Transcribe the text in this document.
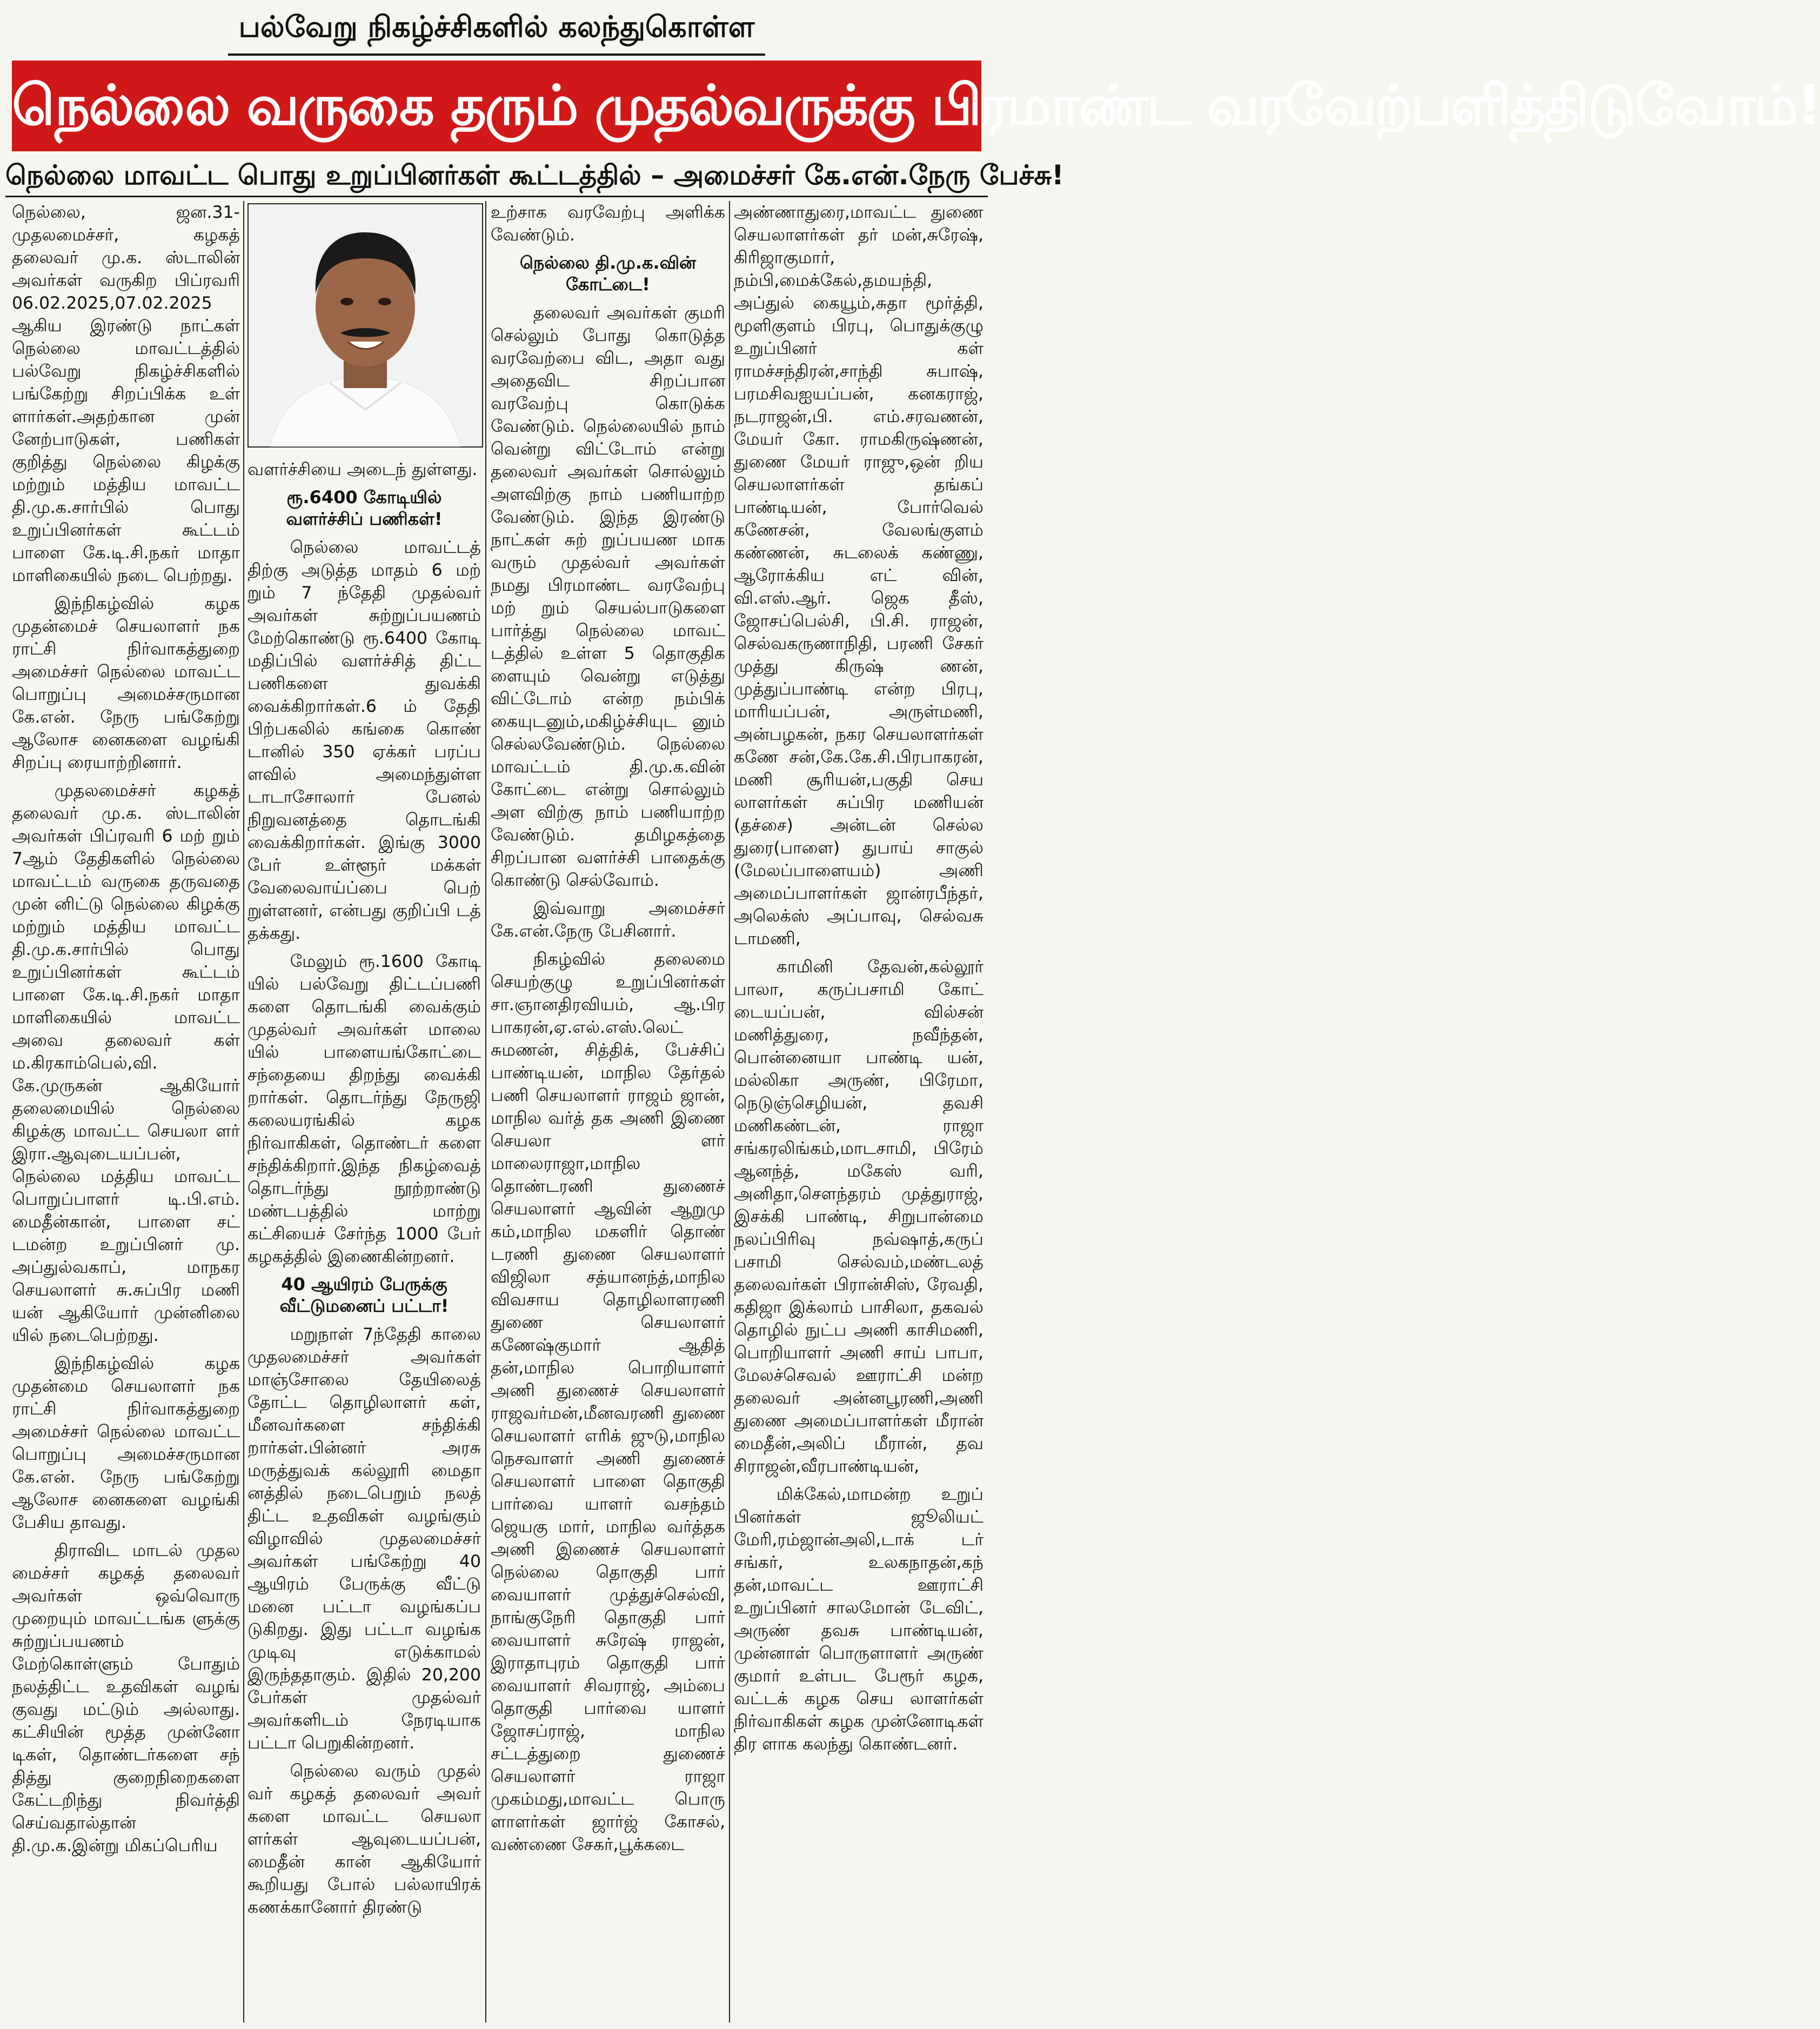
பல்வேறு நிகழ்ச்சிகளில் கலந்துகொள்ள
நெல்லை வருகை தரும் முதல்வருக்கு பிரமாண்ட வரவேற்பளித்திடுவோம்!
நெல்லை மாவட்ட பொது உறுப்பினர்கள் கூட்டத்தில் – அமைச்சர் கே.என்.நேரு பேச்சு!

நெல்லை, ஜன.31- முதலமைச்சர், கழகத் தலைவர் மு.க. ஸ்டாலின் அவர்கள் வருகிற பிப்ரவரி 06.02.2025,07.02.2025 ஆகிய இரண்டு நாட்கள் நெல்லை மாவட்டத்தில் பல்வேறு நிகழ்ச்சிகளில் பங்கேற்று சிறப்பிக்க உள் ளார்கள்.அதற்கான முன் னேற்பாடுகள், பணிகள் குறித்து நெல்லை கிழக்கு மற்றும் மத்திய மாவட்ட தி.மு.க.சார்பில் பொது உறுப்பினர்கள் கூட்டம் பாளை கே.டி.சி.நகர் மாதா மாளிகையில் நடை பெற்றது.

இந்நிகழ்வில் கழக முதன்மைச் செயலாளர் நக ராட்சி நிர்வாகத்துறை அமைச்சர் நெல்லை மாவட்ட பொறுப்பு அமைச்சருமான கே.என். நேரு பங்கேற்று ஆலோச னைகளை வழங்கி சிறப்பு ரையாற்றினார்.

முதலமைச்சர் கழகத் தலைவர் மு.க. ஸ்டாலின் அவர்கள் பிப்ரவரி 6 மற் றும் 7ஆம் தேதிகளில் நெல்லை மாவட்டம் வருகை தருவதை முன் னிட்டு நெல்லை கிழக்கு மற்றும் மத்திய மாவட்ட தி.மு.க.சார்பில் பொது உறுப்பினர்கள் கூட்டம் பாளை கே.டி.சி.நகர் மாதா மாளிகையில் மாவட்ட அவை தலைவர் கள் ம.கிரகாம்பெல்,வி. கே.முருகன் ஆகியோர் தலைமையில் நெல்லை கிழக்கு மாவட்ட செயலா ளர் இரா.ஆவுடையப்பன், நெல்லை மத்திய மாவட்ட பொறுப்பாளர் டி.பி.எம். மைதீன்கான், பாளை சட் டமன்ற உறுப்பினர் மு. அப்துல்வகாப், மாநகர செயலாளர் சு.சுப்பிர மணி யன் ஆகியோர் முன்னிலை யில் நடைபெற்றது.

இந்நிகழ்வில் கழக முதன்மை செயலாளர் நக ராட்சி நிர்வாகத்துறை அமைச்சர் நெல்லை மாவட்ட பொறுப்பு அமைச்சருமான கே.என். நேரு பங்கேற்று ஆலோச னைகளை வழங்கி பேசிய தாவது.

திராவிட மாடல் முதல மைச்சர் கழகத் தலைவர் அவர்கள் ஒவ்வொரு முறையும் மாவட்டங்க ளுக்கு சுற்றுப்பயணம் மேற்கொள்ளும் போதும் நலத்திட்ட உதவிகள் வழங் குவது மட்டும் அல்லாது. கட்சியின் மூத்த முன்னோ டிகள், தொண்டர்களை சந் தித்து குறைநிறைகளை கேட்டறிந்து நிவர்த்தி செய்வதால்தான் தி.மு.க.இன்று மிகப்பெரிய

வளர்ச்சியை அடைந் துள்ளது.

ரூ.6400 கோடியில் வளர்ச்சிப் பணிகள்!

நெல்லை மாவட்டத் திற்கு அடுத்த மாதம் 6 மற் றும் 7 ந்தேதி முதல்வர் அவர்கள் சுற்றுப்பயணம் மேற்கொண்டு ரூ.6400 கோடி மதிப்பில் வளர்ச்சித் திட்ட பணிகளை துவக்கி வைக்கிறார்கள்.6 ம் தேதி பிற்பகலில் கங்கை கொண் டானில் 350 ஏக்கர் பரப்ப ளவில் அமைந்துள்ள டாடாசோலார் பேனல் நிறுவனத்தை தொடங்கி வைக்கிறார்கள். இங்கு 3000 பேர் உள்ளூர் மக்கள் வேலைவாய்ப்பை பெற் றுள்ளனர், என்பது குறிப்பி டத் தக்கது.

மேலும் ரூ.1600 கோடி யில் பல்வேறு திட்டப்பணி களை தொடங்கி வைக்கும் முதல்வர் அவர்கள் மாலை யில் பாளையங்கோட்டை சந்தையை திறந்து வைக்கி றார்கள். தொடர்ந்து நேருஜி கலையரங்கில் கழக நிர்வாகிகள், தொண்டர் களை சந்திக்கிறார்.இந்த நிகழ்வைத் தொடர்ந்து நூற்றாண்டு மண்டபத்தில் மாற்று கட்சியைச் சேர்ந்த 1000 பேர் கழகத்தில் இணைகின்றனர்.

40 ஆயிரம் பேருக்கு வீட்டுமனைப் பட்டா!

மறுநாள் 7ந்தேதி காலை முதலமைச்சர் அவர்கள் மாஞ்சோலை தேயிலைத் தோட்ட தொழிலாளர் கள், மீனவர்களை சந்திக்கி றார்கள்.பின்னர் அரசு மருத்துவக் கல்லூரி மைதா னத்தில் நடைபெறும் நலத் திட்ட உதவிகள் வழங்கும் விழாவில் முதலமைச்சர் அவர்கள் பங்கேற்று 40 ஆயிரம் பேருக்கு வீட்டு மனை பட்டா வழங்கப்ப டுகிறது. இது பட்டா வழங்க முடிவு எடுக்காமல் இருந்ததாகும். இதில் 20,200 பேர்கள் முதல்வர் அவர்களிடம் நேரடியாக பட்டா பெறுகின்றனர்.

நெல்லை வரும் முதல் வர் கழகத் தலைவர் அவர் களை மாவட்ட செயலா ளர்கள் ஆவுடையப்பன், மைதீன் கான் ஆகியோர் கூறியது போல் பல்லாயிரக் கணக்கானோர் திரண்டு

உற்சாக வரவேற்பு அளிக்க வேண்டும்.

நெல்லை தி.மு.க.வின் கோட்டை!

தலைவர் அவர்கள் குமரி செல்லும் போது கொடுத்த வரவேற்பை விட, அதா வது அதைவிட சிறப்பான வரவேற்பு கொடுக்க வேண்டும். நெல்லையில் நாம் வென்று விட்டோம் என்று தலைவர் அவர்கள் சொல்லும் அளவிற்கு நாம் பணியாற்ற வேண்டும். இந்த இரண்டு நாட்கள் சுற் றுப்பயண மாக வரும் முதல்வர் அவர்கள் நமது பிரமாண்ட வரவேற்பு மற் றும் செயல்பாடுகளை பார்த்து நெல்லை மாவட் டத்தில் உள்ள 5 தொகுதிக ளையும் வென்று எடுத்து விட்டோம் என்ற நம்பிக் கையுடனும்,மகிழ்ச்சியுட னும் செல்லவேண்டும். நெல்லை மாவட்டம் தி.மு.க.வின் கோட்டை என்று சொல்லும் அள விற்கு நாம் பணியாற்ற வேண்டும். தமிழகத்தை சிறப்பான வளர்ச்சி பாதைக்கு கொண்டு செல்வோம்.

இவ்வாறு அமைச்சர் கே.என்.நேரு பேசினார்.

நிகழ்வில் தலைமை செயற்குழு உறுப்பினர்கள் சா.ஞானதிரவியம், ஆ.பிர பாகரன்,ஏ.எல்.எஸ்.லெட் சுமணன், சித்திக், பேச்சிப் பாண்டியன், மாநில தேர்தல் பணி செயலாளர் ராஜம் ஜான், மாநில வர்த் தக அணி இணை செயலா ளர் மாலைராஜா,மாநில தொண்டரணி துணைச் செயலாளர் ஆவின் ஆறுமு கம்,மாநில மகளிர் தொண் டரணி துணை செயலாளர் விஜிலா சத்யானந்த்,மாநில விவசாய தொழிலாளரணி துணை செயலாளர் கணேஷ்குமார் ஆதித் தன்,மாநில பொறியாளர் அணி துணைச் செயலாளர் ராஜவர்மன்,மீனவரணி துணை செயலாளர் எரிக் ஜுடு,மாநில நெசவாளர் அணி துணைச் செயலாளர் பாளை தொகுதி பார்வை யாளர் வசந்தம் ஜெயகு மார், மாநில வர்த்தக அணி இணைச் செயலாளர் நெல்லை தொகுதி பார் வையாளர் முத்துச்செல்வி, நாங்குநேரி தொகுதி பார் வையாளர் சுரேஷ் ராஜன், இராதாபுரம் தொகுதி பார் வையாளர் சிவராஜ், அம்பை தொகுதி பார்வை யாளர் ஜோசப்ராஜ், மாநில சட்டத்துறை துணைச் செயலாளர் ராஜா முகம்மது,மாவட்ட பொரு ளாளர்கள் ஜார்ஜ் கோசல், வண்ணை சேகர்,பூக்கடை

அண்ணாதுரை,மாவட்ட துணை செயலாளர்கள் தர் மன்,சுரேஷ், கிரிஜாகுமார், நம்பி,மைக்கேல்,தமயந்தி, அப்துல் கையூம்,சுதா மூர்த்தி, மூளிகுளம் பிரபு, பொதுக்குழு உறுப்பினர் கள் ராமச்சந்திரன்,சாந்தி சுபாஷ், பரமசிவஐயப்பன், கனகராஜ், நடராஜன்,பி. எம்.சரவணன், மேயர் கோ. ராமகிருஷ்ணன், துணை மேயர் ராஜு,ஒன் றிய செயலாளர்கள் தங்கப் பாண்டியன், போர்வெல் கணேசன், வேலங்குளம் கண்ணன், சுடலைக் கண்ணு, ஆரோக்கிய எட் வின், வி.எஸ்.ஆர். ஜெக தீஸ், ஜோசப்பெல்சி, பி.சி. ராஜன், செல்வகருணாநிதி, பரணி சேகர் முத்து கிருஷ் ணன், முத்துப்பாண்டி என்ற பிரபு, மாரியப்பன், அருள்மணி, அன்பழகன், நகர செயலாளர்கள் கணே சன்,கே.கே.சி.பிரபாகரன், மணி சூரியன்,பகுதி செய லாளர்கள் சுப்பிர மணியன் (தச்சை) அன்டன் செல்ல துரை(பாளை) துபாய் சாகுல் (மேலப்பாளையம்) அணி அமைப்பாளர்கள் ஜான்ரபீந்தர், அலெக்ஸ் அப்பாவு, செல்வசு டாமணி,

காமினி தேவன்,கல்லூர் பாலா, கருப்பசாமி கோட் டையப்பன், வில்சன் மணித்துரை, நவீந்தன், பொன்னையா பாண்டி யன், மல்லிகா அருண், பிரேமா, நெடுஞ்செழியன், தவசி மணிகண்டன், ராஜா சங்கரலிங்கம்,மாடசாமி, பிரேம் ஆனந்த், மகேஸ் வரி, அனிதா,சௌந்தரம் முத்துராஜ், இசக்கி பாண்டி, சிறுபான்மை நலப்பிரிவு நவ்ஷாத்,கருப் பசாமி செல்வம்,மண்டலத் தலைவர்கள் பிரான்சிஸ், ரேவதி, கதிஜா இக்லாம் பாசிலா, தகவல் தொழில் நுட்ப அணி காசிமணி, பொறியாளர் அணி சாய் பாபா, மேலச்செவல் ஊராட்சி மன்ற தலைவர் அன்னபூரணி,அணி துணை அமைப்பாளர்கள் மீரான் மைதீன்,அலிப் மீரான், தவ சிராஜன்,வீரபாண்டியன்,

மிக்கேல்,மாமன்ற உறுப் பினர்கள் ஜூலியட் மேரி,ரம்ஜான்அலி,டாக் டர் சங்கர், உலகநாதன்,கந் தன்,மாவட்ட ஊராட்சி உறுப்பினர் சாலமோன் டேவிட், அருண் தவசு பாண்டியன், முன்னாள் பொருளாளர் அருண் குமார் உள்பட பேரூர் கழக, வட்டக் கழக செய லாளர்கள் நிர்வாகிகள் கழக முன்னோடிகள் திர ளாக கலந்து கொண்டனர்.
